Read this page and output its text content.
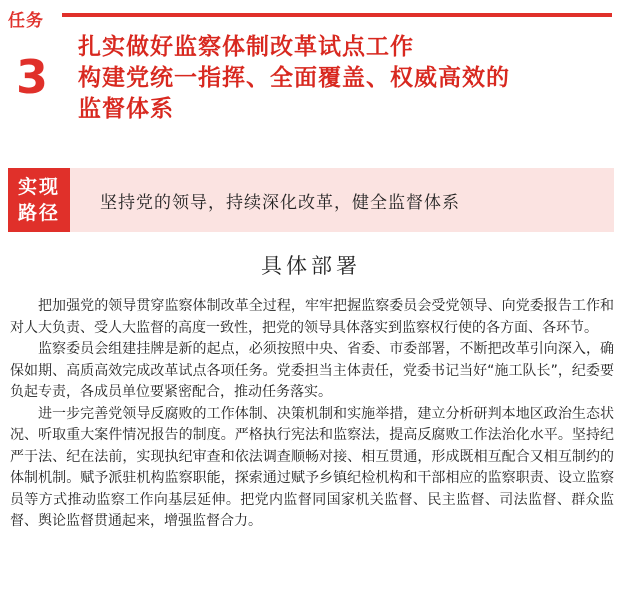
任务
3
扎实做好监察体制改革试点工作
构建党统一指挥、全面覆盖、权威高效的
监督体系
实现
路径 坚持党的领导，持续深化改革，健全监督体系
具体部署

把加强党的领导贯穿监察体制改革全过程，牢牢把握监察委员会受党领导、向党委报告工作和对人大负责、受人大监督的高度一致性，把党的领导具体落实到监察权行使的各方面、各环节。

监察委员会组建挂牌是新的起点，必须按照中央、省委、市委部署，不断把改革引向深入，确保如期、高质高效完成改革试点各项任务。党委担当主体责任，党委书记当好“施工队长”，纪委要负起专责，各成员单位要紧密配合，推动任务落实。

进一步完善党领导反腐败的工作体制、决策机制和实施举措，建立分析研判本地区政治生态状况、听取重大案件情况报告的制度。严格执行宪法和监察法，提高反腐败工作法治化水平。坚持纪严于法、纪在法前，实现执纪审查和依法调查顺畅对接、相互贯通，形成既相互配合又相互制约的体制机制。赋予派驻机构监察职能，探索通过赋予乡镇纪检机构和干部相应的监察职责、设立监察员等方式推动监察工作向基层延伸。把党内监督同国家机关监督、民主监督、司法监督、群众监督、舆论监督贯通起来，增强监督合力。
